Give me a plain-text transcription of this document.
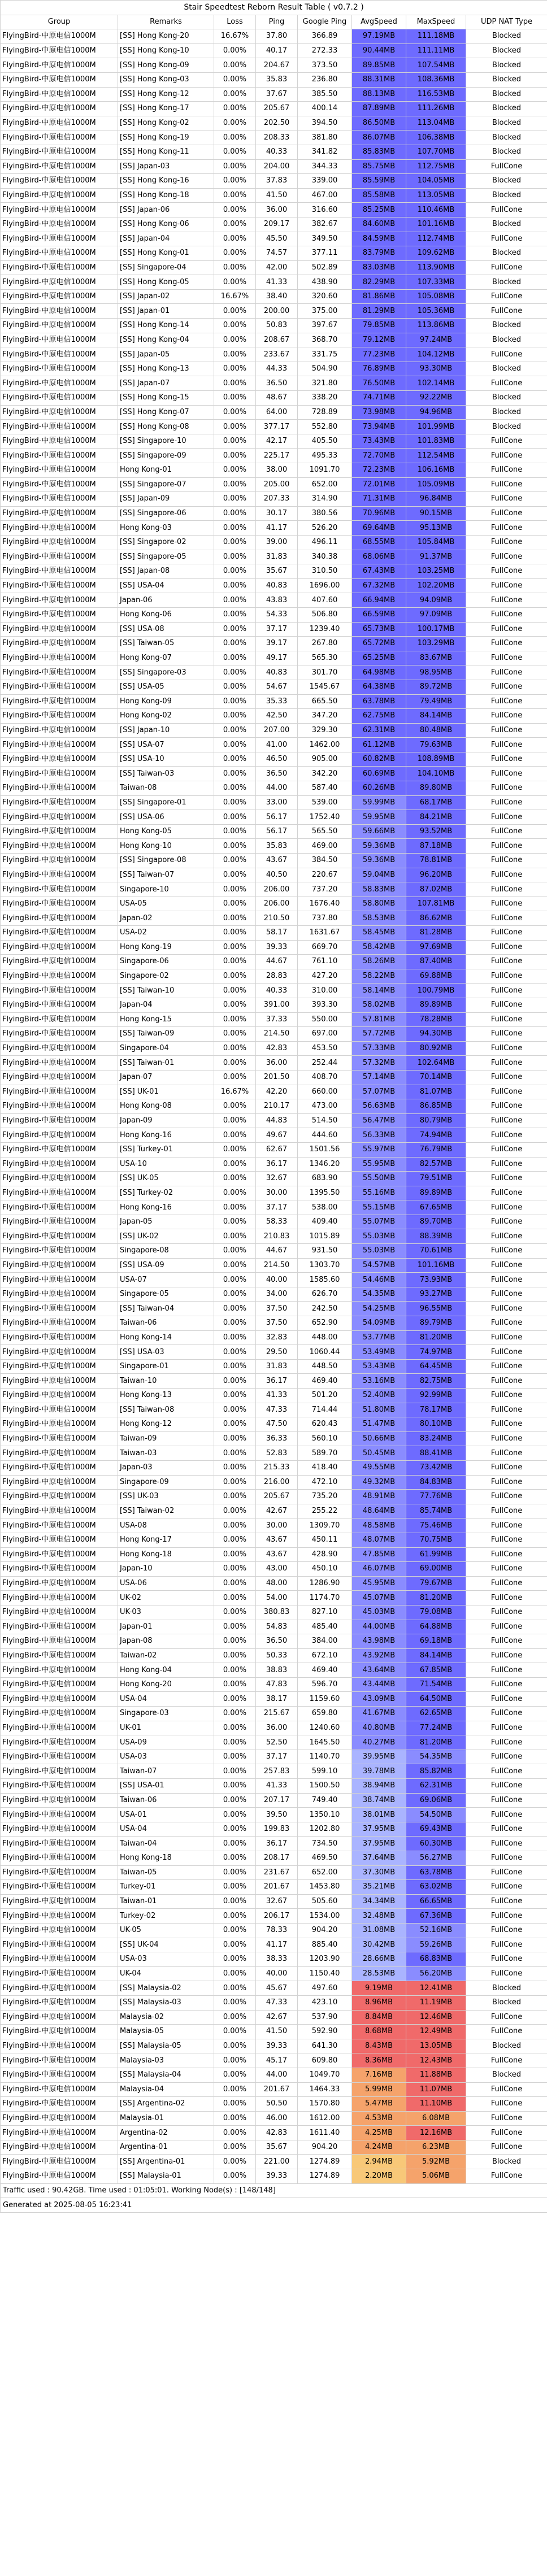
Stair Speedtest Reborn Result Table ( v0.7.2 )							
Group	Remarks	Loss	Ping	Google Ping	AvgSpeed	MaxSpeed	UDP NAT Type
FlyingBird-中原电信1000M	[SS] Hong Kong-20	16.67%	37.80	366.89	97.19MB	111.18MB	Blocked
FlyingBird-中原电信1000M	[SS] Hong Kong-10	0.00%	40.17	272.33	90.44MB	111.11MB	Blocked
FlyingBird-中原电信1000M	[SS] Hong Kong-09	0.00%	204.67	373.50	89.85MB	107.54MB	Blocked
FlyingBird-中原电信1000M	[SS] Hong Kong-03	0.00%	35.83	236.80	88.31MB	108.36MB	Blocked
FlyingBird-中原电信1000M	[SS] Hong Kong-12	0.00%	37.67	385.50	88.13MB	116.53MB	Blocked
FlyingBird-中原电信1000M	[SS] Hong Kong-17	0.00%	205.67	400.14	87.89MB	111.26MB	Blocked
FlyingBird-中原电信1000M	[SS] Hong Kong-02	0.00%	202.50	394.50	86.50MB	113.04MB	Blocked
FlyingBird-中原电信1000M	[SS] Hong Kong-19	0.00%	208.33	381.80	86.07MB	106.38MB	Blocked
FlyingBird-中原电信1000M	[SS] Hong Kong-11	0.00%	40.33	341.82	85.83MB	107.70MB	Blocked
FlyingBird-中原电信1000M	[SS] Japan-03	0.00%	204.00	344.33	85.75MB	112.75MB	FullCone
FlyingBird-中原电信1000M	[SS] Hong Kong-16	0.00%	37.83	339.00	85.59MB	104.05MB	Blocked
FlyingBird-中原电信1000M	[SS] Hong Kong-18	0.00%	41.50	467.00	85.58MB	113.05MB	Blocked
FlyingBird-中原电信1000M	[SS] Japan-06	0.00%	36.00	316.60	85.25MB	110.46MB	FullCone
FlyingBird-中原电信1000M	[SS] Hong Kong-06	0.00%	209.17	382.67	84.60MB	101.16MB	Blocked
FlyingBird-中原电信1000M	[SS] Japan-04	0.00%	45.50	349.50	84.59MB	112.74MB	FullCone
FlyingBird-中原电信1000M	[SS] Hong Kong-01	0.00%	74.57	377.11	83.79MB	109.62MB	Blocked
FlyingBird-中原电信1000M	[SS] Singapore-04	0.00%	42.00	502.89	83.03MB	113.90MB	FullCone
FlyingBird-中原电信1000M	[SS] Hong Kong-05	0.00%	41.33	438.90	82.29MB	107.33MB	Blocked
FlyingBird-中原电信1000M	[SS] Japan-02	16.67%	38.40	320.60	81.86MB	105.08MB	FullCone
FlyingBird-中原电信1000M	[SS] Japan-01	0.00%	200.00	375.00	81.29MB	105.36MB	FullCone
FlyingBird-中原电信1000M	[SS] Hong Kong-14	0.00%	50.83	397.67	79.85MB	113.86MB	Blocked
FlyingBird-中原电信1000M	[SS] Hong Kong-04	0.00%	208.67	368.70	79.12MB	97.24MB	Blocked
FlyingBird-中原电信1000M	[SS] Japan-05	0.00%	233.67	331.75	77.23MB	104.12MB	FullCone
FlyingBird-中原电信1000M	[SS] Hong Kong-13	0.00%	44.33	504.90	76.89MB	93.30MB	Blocked
FlyingBird-中原电信1000M	[SS] Japan-07	0.00%	36.50	321.80	76.50MB	102.14MB	FullCone
FlyingBird-中原电信1000M	[SS] Hong Kong-15	0.00%	48.67	338.20	74.71MB	92.22MB	Blocked
FlyingBird-中原电信1000M	[SS] Hong Kong-07	0.00%	64.00	728.89	73.98MB	94.96MB	Blocked
FlyingBird-中原电信1000M	[SS] Hong Kong-08	0.00%	377.17	552.80	73.94MB	101.99MB	Blocked
FlyingBird-中原电信1000M	[SS] Singapore-10	0.00%	42.17	405.50	73.43MB	101.83MB	FullCone
FlyingBird-中原电信1000M	[SS] Singapore-09	0.00%	225.17	495.33	72.70MB	112.54MB	FullCone
FlyingBird-中原电信1000M	Hong Kong-01	0.00%	38.00	1091.70	72.23MB	106.16MB	FullCone
FlyingBird-中原电信1000M	[SS] Singapore-07	0.00%	205.00	652.00	72.01MB	105.09MB	FullCone
FlyingBird-中原电信1000M	[SS] Japan-09	0.00%	207.33	314.90	71.31MB	96.84MB	FullCone
FlyingBird-中原电信1000M	[SS] Singapore-06	0.00%	30.17	380.56	70.96MB	90.15MB	FullCone
FlyingBird-中原电信1000M	Hong Kong-03	0.00%	41.17	526.20	69.64MB	95.13MB	FullCone
FlyingBird-中原电信1000M	[SS] Singapore-02	0.00%	39.00	496.11	68.55MB	105.84MB	FullCone
FlyingBird-中原电信1000M	[SS] Singapore-05	0.00%	31.83	340.38	68.06MB	91.37MB	FullCone
FlyingBird-中原电信1000M	[SS] Japan-08	0.00%	35.67	310.50	67.43MB	103.25MB	FullCone
FlyingBird-中原电信1000M	[SS] USA-04	0.00%	40.83	1696.00	67.32MB	102.20MB	FullCone
FlyingBird-中原电信1000M	Japan-06	0.00%	43.83	407.60	66.94MB	94.09MB	FullCone
FlyingBird-中原电信1000M	Hong Kong-06	0.00%	54.33	506.80	66.59MB	97.09MB	FullCone
FlyingBird-中原电信1000M	[SS] USA-08	0.00%	37.17	1239.40	65.73MB	100.17MB	FullCone
FlyingBird-中原电信1000M	[SS] Taiwan-05	0.00%	39.17	267.80	65.72MB	103.29MB	FullCone
FlyingBird-中原电信1000M	Hong Kong-07	0.00%	49.17	565.30	65.25MB	83.67MB	FullCone
FlyingBird-中原电信1000M	[SS] Singapore-03	0.00%	40.83	301.70	64.98MB	98.95MB	FullCone
FlyingBird-中原电信1000M	[SS] USA-05	0.00%	54.67	1545.67	64.38MB	89.72MB	FullCone
FlyingBird-中原电信1000M	Hong Kong-09	0.00%	35.33	665.50	63.78MB	79.49MB	FullCone
FlyingBird-中原电信1000M	Hong Kong-02	0.00%	42.50	347.20	62.75MB	84.14MB	FullCone
FlyingBird-中原电信1000M	[SS] Japan-10	0.00%	207.00	329.30	62.31MB	80.48MB	FullCone
FlyingBird-中原电信1000M	[SS] USA-07	0.00%	41.00	1462.00	61.12MB	79.63MB	FullCone
FlyingBird-中原电信1000M	[SS] USA-10	0.00%	46.50	905.00	60.82MB	108.89MB	FullCone
FlyingBird-中原电信1000M	[SS] Taiwan-03	0.00%	36.50	342.20	60.69MB	104.10MB	FullCone
FlyingBird-中原电信1000M	Taiwan-08	0.00%	44.00	587.40	60.26MB	89.80MB	FullCone
FlyingBird-中原电信1000M	[SS] Singapore-01	0.00%	33.00	539.00	59.99MB	68.17MB	FullCone
FlyingBird-中原电信1000M	[SS] USA-06	0.00%	56.17	1752.40	59.95MB	84.21MB	FullCone
FlyingBird-中原电信1000M	Hong Kong-05	0.00%	56.17	565.50	59.66MB	93.52MB	FullCone
FlyingBird-中原电信1000M	Hong Kong-10	0.00%	35.83	469.00	59.36MB	87.18MB	FullCone
FlyingBird-中原电信1000M	[SS] Singapore-08	0.00%	43.67	384.50	59.36MB	78.81MB	FullCone
FlyingBird-中原电信1000M	[SS] Taiwan-07	0.00%	40.50	220.67	59.04MB	96.20MB	FullCone
FlyingBird-中原电信1000M	Singapore-10	0.00%	206.00	737.20	58.83MB	87.02MB	FullCone
FlyingBird-中原电信1000M	USA-05	0.00%	206.00	1676.40	58.80MB	107.81MB	FullCone
FlyingBird-中原电信1000M	Japan-02	0.00%	210.50	737.80	58.53MB	86.62MB	FullCone
FlyingBird-中原电信1000M	USA-02	0.00%	58.17	1631.67	58.45MB	81.28MB	FullCone
FlyingBird-中原电信1000M	Hong Kong-19	0.00%	39.33	669.70	58.42MB	97.69MB	FullCone
FlyingBird-中原电信1000M	Singapore-06	0.00%	44.67	761.10	58.26MB	87.40MB	FullCone
FlyingBird-中原电信1000M	Singapore-02	0.00%	28.83	427.20	58.22MB	69.88MB	FullCone
FlyingBird-中原电信1000M	[SS] Taiwan-10	0.00%	40.33	310.00	58.14MB	100.79MB	FullCone
FlyingBird-中原电信1000M	Japan-04	0.00%	391.00	393.30	58.02MB	89.89MB	FullCone
FlyingBird-中原电信1000M	Hong Kong-15	0.00%	37.33	550.00	57.81MB	78.28MB	FullCone
FlyingBird-中原电信1000M	[SS] Taiwan-09	0.00%	214.50	697.00	57.72MB	94.30MB	FullCone
FlyingBird-中原电信1000M	Singapore-04	0.00%	42.83	453.50	57.33MB	80.92MB	FullCone
FlyingBird-中原电信1000M	[SS] Taiwan-01	0.00%	36.00	252.44	57.32MB	102.64MB	FullCone
FlyingBird-中原电信1000M	Japan-07	0.00%	201.50	408.70	57.14MB	70.14MB	FullCone
FlyingBird-中原电信1000M	[SS] UK-01	16.67%	42.20	660.00	57.07MB	81.07MB	FullCone
FlyingBird-中原电信1000M	Hong Kong-08	0.00%	210.17	473.00	56.63MB	86.85MB	FullCone
FlyingBird-中原电信1000M	Japan-09	0.00%	44.83	514.50	56.47MB	80.79MB	FullCone
FlyingBird-中原电信1000M	Hong Kong-16	0.00%	49.67	444.60	56.33MB	74.94MB	FullCone
FlyingBird-中原电信1000M	[SS] Turkey-01	0.00%	62.67	1501.56	55.97MB	76.79MB	FullCone
FlyingBird-中原电信1000M	USA-10	0.00%	36.17	1346.20	55.95MB	82.57MB	FullCone
FlyingBird-中原电信1000M	[SS] UK-05	0.00%	32.67	683.90	55.50MB	79.51MB	FullCone
FlyingBird-中原电信1000M	[SS] Turkey-02	0.00%	30.00	1395.50	55.16MB	89.89MB	FullCone
FlyingBird-中原电信1000M	Hong Kong-16	0.00%	37.17	538.00	55.15MB	67.65MB	FullCone
FlyingBird-中原电信1000M	Japan-05	0.00%	58.33	409.40	55.07MB	89.70MB	FullCone
FlyingBird-中原电信1000M	[SS] UK-02	0.00%	210.83	1015.89	55.03MB	88.39MB	FullCone
FlyingBird-中原电信1000M	Singapore-08	0.00%	44.67	931.50	55.03MB	70.61MB	FullCone
FlyingBird-中原电信1000M	[SS] USA-09	0.00%	214.50	1303.70	54.57MB	101.16MB	FullCone
FlyingBird-中原电信1000M	USA-07	0.00%	40.00	1585.60	54.46MB	73.93MB	FullCone
FlyingBird-中原电信1000M	Singapore-05	0.00%	34.00	626.70	54.35MB	93.27MB	FullCone
FlyingBird-中原电信1000M	[SS] Taiwan-04	0.00%	37.50	242.50	54.25MB	96.55MB	FullCone
FlyingBird-中原电信1000M	Taiwan-06	0.00%	37.50	652.90	54.09MB	89.79MB	FullCone
FlyingBird-中原电信1000M	Hong Kong-14	0.00%	32.83	448.00	53.77MB	81.20MB	FullCone
FlyingBird-中原电信1000M	[SS] USA-03	0.00%	29.50	1060.44	53.49MB	74.97MB	FullCone
FlyingBird-中原电信1000M	Singapore-01	0.00%	31.83	448.50	53.43MB	64.45MB	FullCone
FlyingBird-中原电信1000M	Taiwan-10	0.00%	36.17	469.40	53.16MB	82.75MB	FullCone
FlyingBird-中原电信1000M	Hong Kong-13	0.00%	41.33	501.20	52.40MB	92.99MB	FullCone
FlyingBird-中原电信1000M	[SS] Taiwan-08	0.00%	47.33	714.44	51.80MB	78.17MB	FullCone
FlyingBird-中原电信1000M	Hong Kong-12	0.00%	47.50	620.43	51.47MB	80.10MB	FullCone
FlyingBird-中原电信1000M	Taiwan-09	0.00%	36.33	560.10	50.66MB	83.24MB	FullCone
FlyingBird-中原电信1000M	Taiwan-03	0.00%	52.83	589.70	50.45MB	88.41MB	FullCone
FlyingBird-中原电信1000M	Japan-03	0.00%	215.33	418.40	49.55MB	73.42MB	FullCone
FlyingBird-中原电信1000M	Singapore-09	0.00%	216.00	472.10	49.32MB	84.83MB	FullCone
FlyingBird-中原电信1000M	[SS] UK-03	0.00%	205.67	735.20	48.91MB	77.76MB	FullCone
FlyingBird-中原电信1000M	[SS] Taiwan-02	0.00%	42.67	255.22	48.64MB	85.74MB	FullCone
FlyingBird-中原电信1000M	USA-08	0.00%	30.00	1309.70	48.58MB	75.46MB	FullCone
FlyingBird-中原电信1000M	Hong Kong-17	0.00%	43.67	450.11	48.07MB	70.75MB	FullCone
FlyingBird-中原电信1000M	Hong Kong-18	0.00%	43.67	428.90	47.85MB	61.99MB	FullCone
FlyingBird-中原电信1000M	Japan-10	0.00%	43.00	450.10	46.07MB	69.00MB	FullCone
FlyingBird-中原电信1000M	USA-06	0.00%	48.00	1286.90	45.95MB	79.67MB	FullCone
FlyingBird-中原电信1000M	UK-02	0.00%	54.00	1174.70	45.07MB	81.20MB	FullCone
FlyingBird-中原电信1000M	UK-03	0.00%	380.83	827.10	45.03MB	79.08MB	FullCone
FlyingBird-中原电信1000M	Japan-01	0.00%	54.83	485.40	44.00MB	64.88MB	FullCone
FlyingBird-中原电信1000M	Japan-08	0.00%	36.50	384.00	43.98MB	69.18MB	FullCone
FlyingBird-中原电信1000M	Taiwan-02	0.00%	50.33	672.10	43.92MB	84.14MB	FullCone
FlyingBird-中原电信1000M	Hong Kong-04	0.00%	38.83	469.40	43.64MB	67.85MB	FullCone
FlyingBird-中原电信1000M	Hong Kong-20	0.00%	47.83	596.70	43.44MB	71.54MB	FullCone
FlyingBird-中原电信1000M	USA-04	0.00%	38.17	1159.60	43.09MB	64.50MB	FullCone
FlyingBird-中原电信1000M	Singapore-03	0.00%	215.67	659.80	41.67MB	62.65MB	FullCone
FlyingBird-中原电信1000M	UK-01	0.00%	36.00	1240.60	40.80MB	77.24MB	FullCone
FlyingBird-中原电信1000M	USA-09	0.00%	52.50	1645.50	40.27MB	81.20MB	FullCone
FlyingBird-中原电信1000M	USA-03	0.00%	37.17	1140.70	39.95MB	54.35MB	FullCone
FlyingBird-中原电信1000M	Taiwan-07	0.00%	257.83	599.10	39.78MB	85.82MB	FullCone
FlyingBird-中原电信1000M	[SS] USA-01	0.00%	41.33	1500.50	38.94MB	62.31MB	FullCone
FlyingBird-中原电信1000M	Taiwan-06	0.00%	207.17	749.40	38.74MB	69.06MB	FullCone
FlyingBird-中原电信1000M	USA-01	0.00%	39.50	1350.10	38.01MB	54.50MB	FullCone
FlyingBird-中原电信1000M	USA-04	0.00%	199.83	1202.80	37.95MB	69.43MB	FullCone
FlyingBird-中原电信1000M	Taiwan-04	0.00%	36.17	734.50	37.95MB	60.30MB	FullCone
FlyingBird-中原电信1000M	Hong Kong-18	0.00%	208.17	469.50	37.64MB	56.27MB	FullCone
FlyingBird-中原电信1000M	Taiwan-05	0.00%	231.67	652.00	37.30MB	63.78MB	FullCone
FlyingBird-中原电信1000M	Turkey-01	0.00%	201.67	1453.80	35.21MB	63.02MB	FullCone
FlyingBird-中原电信1000M	Taiwan-01	0.00%	32.67	505.60	34.34MB	66.65MB	FullCone
FlyingBird-中原电信1000M	Turkey-02	0.00%	206.17	1534.00	32.48MB	67.36MB	FullCone
FlyingBird-中原电信1000M	UK-05	0.00%	78.33	904.20	31.08MB	52.16MB	FullCone
FlyingBird-中原电信1000M	[SS] UK-04	0.00%	41.17	885.40	30.42MB	59.26MB	FullCone
FlyingBird-中原电信1000M	USA-03	0.00%	38.33	1203.90	28.66MB	68.83MB	FullCone
FlyingBird-中原电信1000M	UK-04	0.00%	40.00	1150.40	28.53MB	56.20MB	FullCone
FlyingBird-中原电信1000M	[SS] Malaysia-02	0.00%	45.67	497.60	9.19MB	12.41MB	Blocked
FlyingBird-中原电信1000M	[SS] Malaysia-03	0.00%	47.33	423.10	8.96MB	11.19MB	Blocked
FlyingBird-中原电信1000M	Malaysia-02	0.00%	42.67	537.90	8.84MB	12.46MB	FullCone
FlyingBird-中原电信1000M	Malaysia-05	0.00%	41.50	592.90	8.68MB	12.49MB	FullCone
FlyingBird-中原电信1000M	[SS] Malaysia-05	0.00%	39.33	641.30	8.43MB	13.05MB	Blocked
FlyingBird-中原电信1000M	Malaysia-03	0.00%	45.17	609.80	8.36MB	12.43MB	FullCone
FlyingBird-中原电信1000M	[SS] Malaysia-04	0.00%	44.00	1049.70	7.16MB	11.88MB	Blocked
FlyingBird-中原电信1000M	Malaysia-04	0.00%	201.67	1464.33	5.99MB	11.07MB	FullCone
FlyingBird-中原电信1000M	[SS] Argentina-02	0.00%	50.50	1570.80	5.47MB	11.10MB	FullCone
FlyingBird-中原电信1000M	Malaysia-01	0.00%	46.00	1612.00	4.53MB	6.08MB	FullCone
FlyingBird-中原电信1000M	Argentina-02	0.00%	42.83	1611.40	4.25MB	12.16MB	FullCone
FlyingBird-中原电信1000M	Argentina-01	0.00%	35.67	904.20	4.24MB	6.23MB	FullCone
FlyingBird-中原电信1000M	[SS] Argentina-01	0.00%	221.00	1274.89	2.94MB	5.92MB	Blocked
FlyingBird-中原电信1000M	[SS] Malaysia-01	0.00%	39.33	1274.89	2.20MB	5.06MB	FullCone
Traffic used : 90.42GB. Time used : 01:05:01. Working Node(s) : [148/148]							
Generated at 2025-08-05 16:23:41							
